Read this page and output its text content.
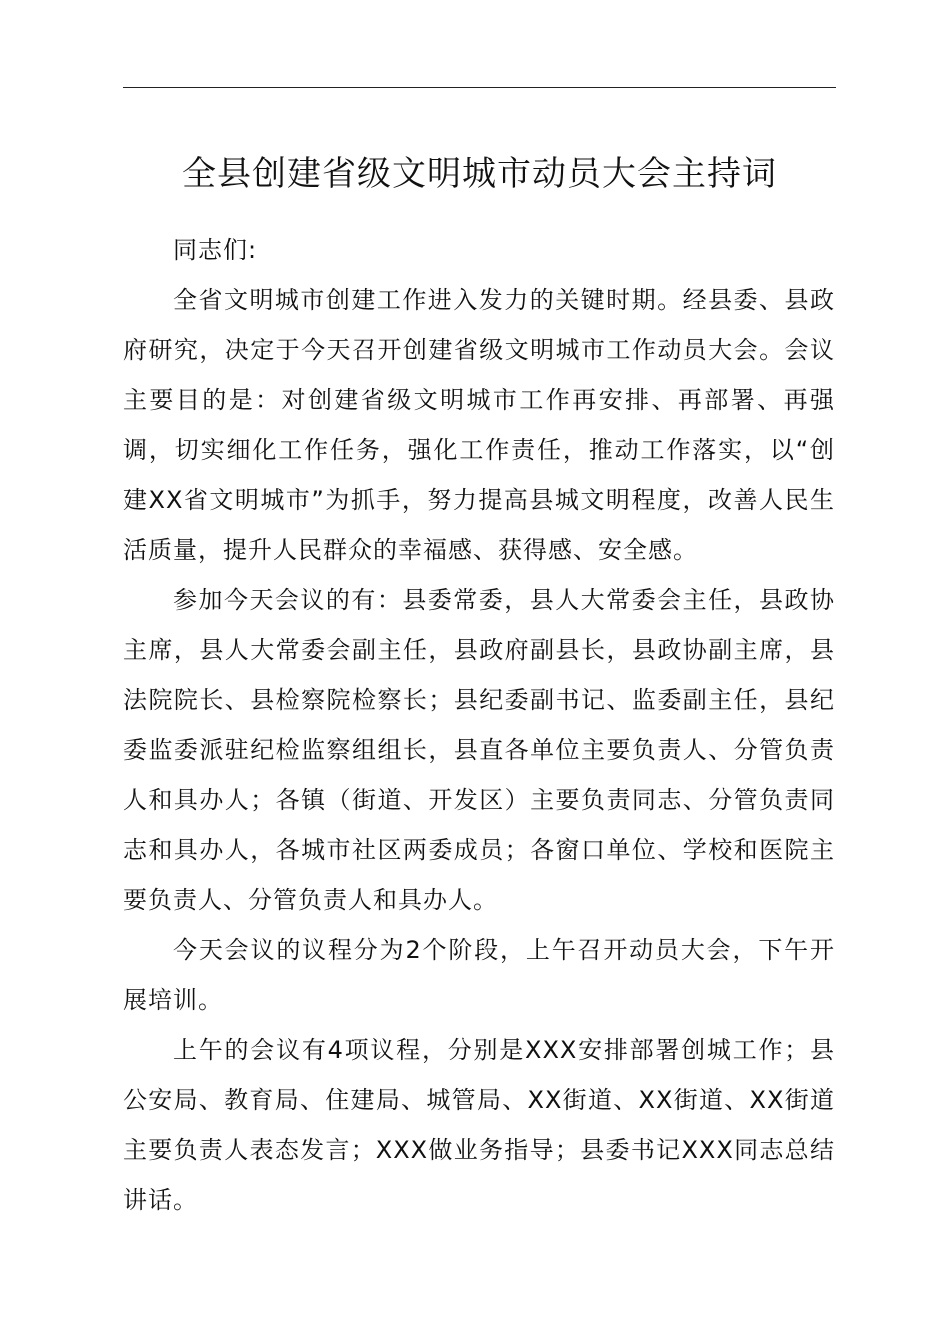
全县创建省级文明城市动员大会主持词

同志们:

全省文明城市创建工作进入发力的关键时期。经县委、县政府研究，决定于今天召开创建省级文明城市工作动员大会。会议主要目的是：对创建省级文明城市工作再安排、再部署、再强调，切实细化工作任务，强化工作责任，推动工作落实，以“创建XX省文明城市”为抓手，努力提高县城文明程度，改善人民生活质量，提升人民群众的幸福感、获得感、安全感。

参加今天会议的有：县委常委，县人大常委会主任，县政协主席，县人大常委会副主任，县政府副县长，县政协副主席，县法院院长、县检察院检察长；县纪委副书记、监委副主任，县纪委监委派驻纪检监察组组长，县直各单位主要负责人、分管负责人和具办人；各镇（街道、开发区）主要负责同志、分管负责同志和具办人，各城市社区两委成员；各窗口单位、学校和医院主要负责人、分管负责人和具办人。

今天会议的议程分为2个阶段，上午召开动员大会，下午开展培训。

上午的会议有4项议程，分别是XXX安排部署创城工作；县公安局、教育局、住建局、城管局、XX街道、XX街道、XX街道主要负责人表态发言；XXX做业务指导；县委书记XXX同志总结讲话。
